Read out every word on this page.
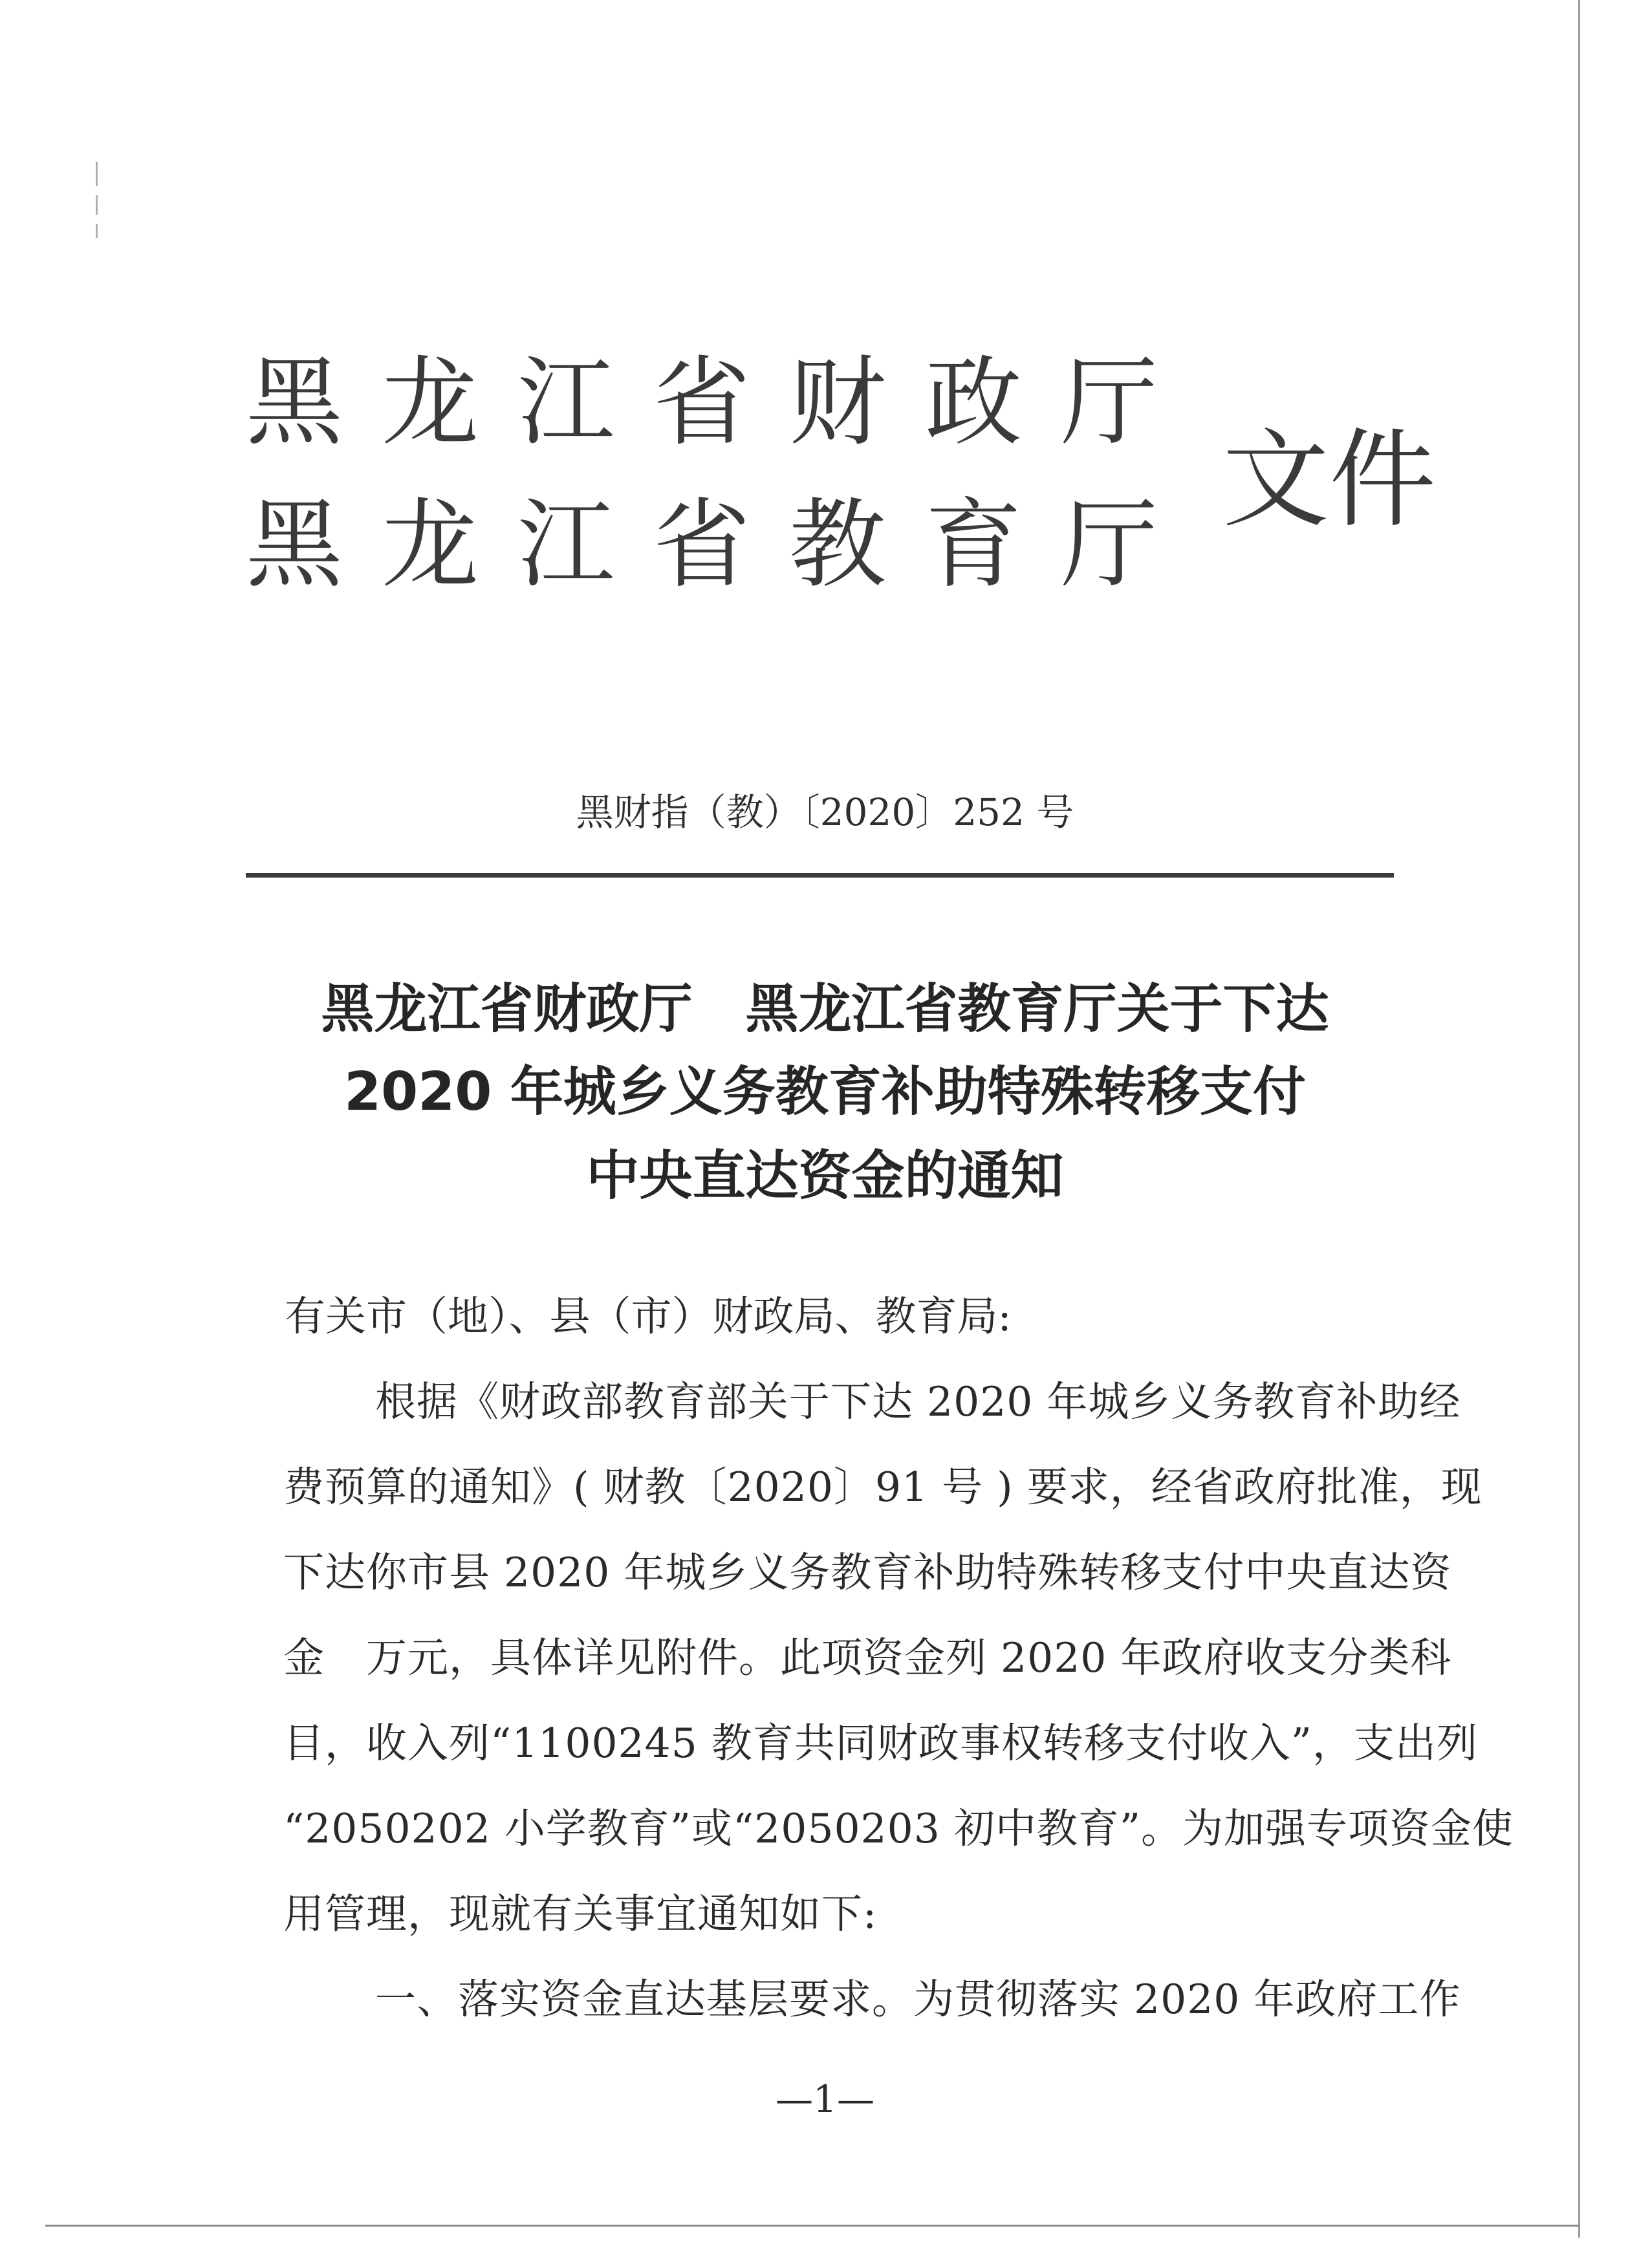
黑龙江省财政厅
黑龙江省教育厅
文件
黑财指（教）〔2020〕252 号
黑龙江省财政厅　黑龙江省教育厅关于下达
2020 年城乡义务教育补助特殊转移支付
中央直达资金的通知
有关市（地）、县（市）财政局、教育局:
根据《财政部教育部关于下达 2020 年城乡义务教育补助经
费预算的通知》( 财教〔2020〕91 号 ) 要求，经省政府批准，现
下达你市县 2020 年城乡义务教育补助特殊转移支付中央直达资
金　万元，具体详见附件。此项资金列 2020 年政府收支分类科
目，收入列“1100245 教育共同财政事权转移支付收入”，支出列
“2050202 小学教育”或“2050203 初中教育”。为加强专项资金使
用管理，现就有关事宜通知如下:
一、落实资金直达基层要求。为贯彻落实 2020 年政府工作
—1—
